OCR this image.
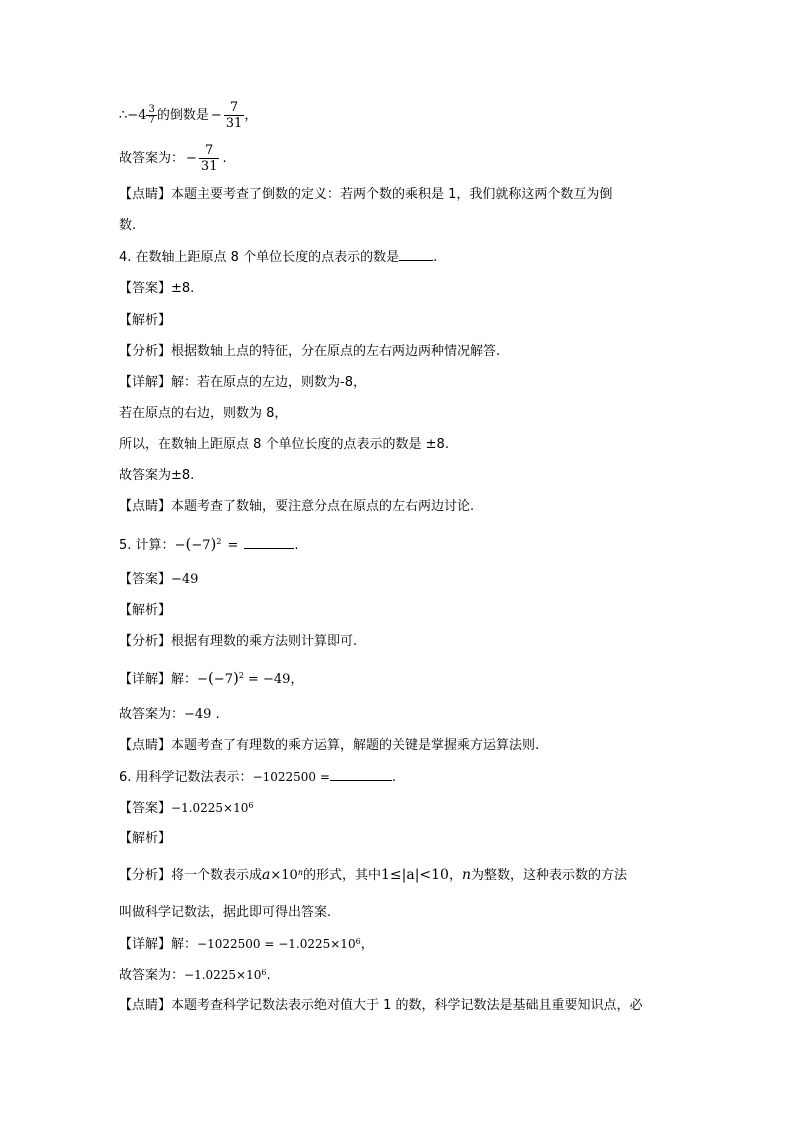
∴−4 $\frac{3}{7}$ 的倒数是 − $\frac{7}{31}$ ，
故答案为： − $\frac{7}{31}$ .
【点睛】本题主要考查了倒数的定义：若两个数的乘积是 1，我们就称这两个数互为倒
数.
4. 在数轴上距原点 8 个单位长度的点表示的数是	.
【答案】±8.
【解析】
【分析】根据数轴上点的特征，分在原点的左右两边两种情况解答.
【详解】解：若在原点的左边，则数为-8，
若在原点的右边，则数为 8，
所以，在数轴上距原点 8 个单位长度的点表示的数是 ±8.
故答案为±8.
【点睛】本题考查了数轴，要注意分点在原点的左右两边讨论.
5. 计算：$-(-7)^2$ =	.
【答案】−49
【解析】
【分析】根据有理数的乘方法则计算即可.
【详解】解：$-(-7)^2 = -49$，
故答案为：−49 .
【点睛】本题考查了有理数的乘方运算，解题的关键是掌握乘方运算法则.
6. 用科学记数法表示：−1022500 =	.
【答案】$-1.0225\times 10^6$
【解析】
【分析】将一个数表示成$a\times 10^n$的形式，其中1≤|a|<10，n为整数，这种表示数的方法
叫做科学记数法，据此即可得出答案.
【详解】解：$-1022500 = -1.0225\times 10^6$，
故答案为：$-1.0225\times 10^6$.
【点睛】本题考查科学记数法表示绝对值大于 1 的数，科学记数法是基础且重要知识点，必
